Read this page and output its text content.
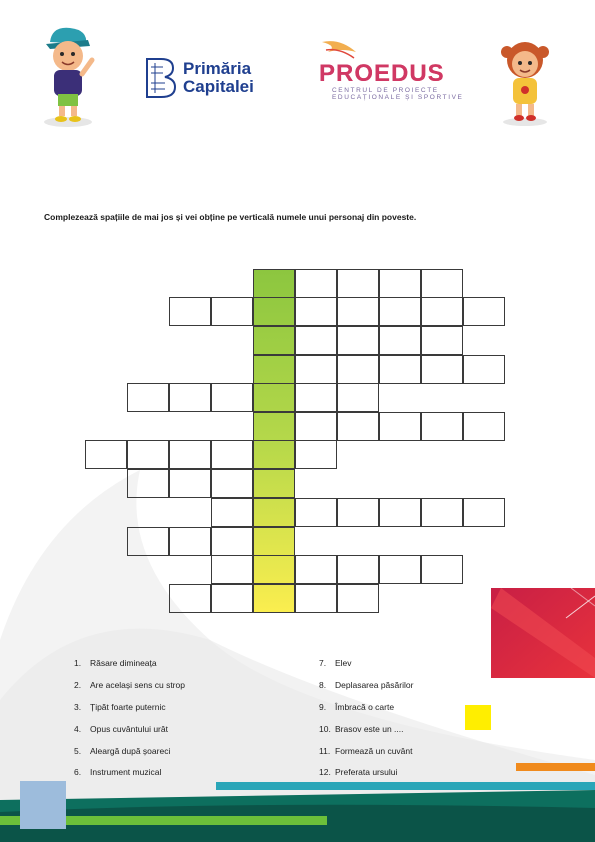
Primăria
Capitalei	PROEDUS
CENTRUL DE PROIECTE
EDUCAȚIONALE ȘI SPORTIVE
Complezează spațiile de mai jos și vei obține pe verticală numele unui personaj din poveste.
1. Răsare dimineața
2. Are același sens cu strop
3. Țipăt foarte puternic
4. Opus cuvântului urât
5. Aleargă după șoareci
6. Instrument muzical
7. Elev
8. Deplasarea păsărilor
9. Îmbracă o carte
10. Brasov este un ....
11. Formează un cuvânt
12. Preferata ursului
